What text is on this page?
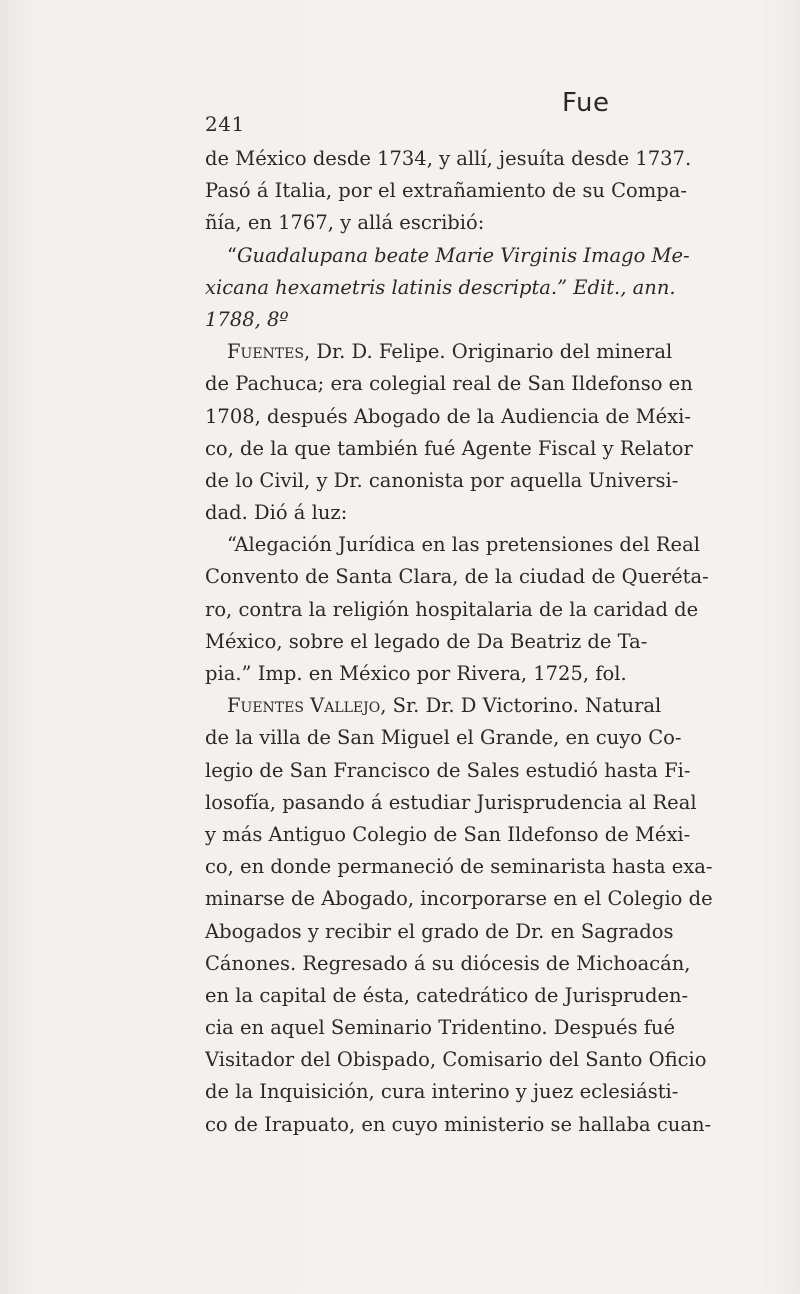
241
Fue
de México desde 1734, y allí, jesuíta desde 1737.
Pasó á Italia, por el extrañamiento de su Compa-
ñía, en 1767, y allá escribió:
“Guadalupana beate Marie Virginis Imago Me-
xicana hexametris latinis descripta.” Edit., ann.
1788, 8º
Fuentes, Dr. D. Felipe. Originario del mineral
de Pachuca; era colegial real de San Ildefonso en
1708, después Abogado de la Audiencia de Méxi-
co, de la que también fué Agente Fiscal y Relator
de lo Civil, y Dr. canonista por aquella Universi-
dad. Dió á luz:
“Alegación Jurídica en las pretensiones del Real
Convento de Santa Clara, de la ciudad de Queréta-
ro, contra la religión hospitalaria de la caridad de
México, sobre el legado de Da Beatriz de Ta-
pia.” Imp. en México por Rivera, 1725, fol.
Fuentes Vallejo, Sr. Dr. D Victorino. Natural
de la villa de San Miguel el Grande, en cuyo Co-
legio de San Francisco de Sales estudió hasta Fi-
losofía, pasando á estudiar Jurisprudencia al Real
y más Antiguo Colegio de San Ildefonso de Méxi-
co, en donde permaneció de seminarista hasta exa-
minarse de Abogado, incorporarse en el Colegio de
Abogados y recibir el grado de Dr. en Sagrados
Cánones. Regresado á su diócesis de Michoacán,
en la capital de ésta, catedrático de Jurispruden-
cia en aquel Seminario Tridentino. Después fué
Visitador del Obispado, Comisario del Santo Oficio
de la Inquisición, cura interino y juez eclesiásti-
co de Irapuato, en cuyo ministerio se hallaba cuan-
